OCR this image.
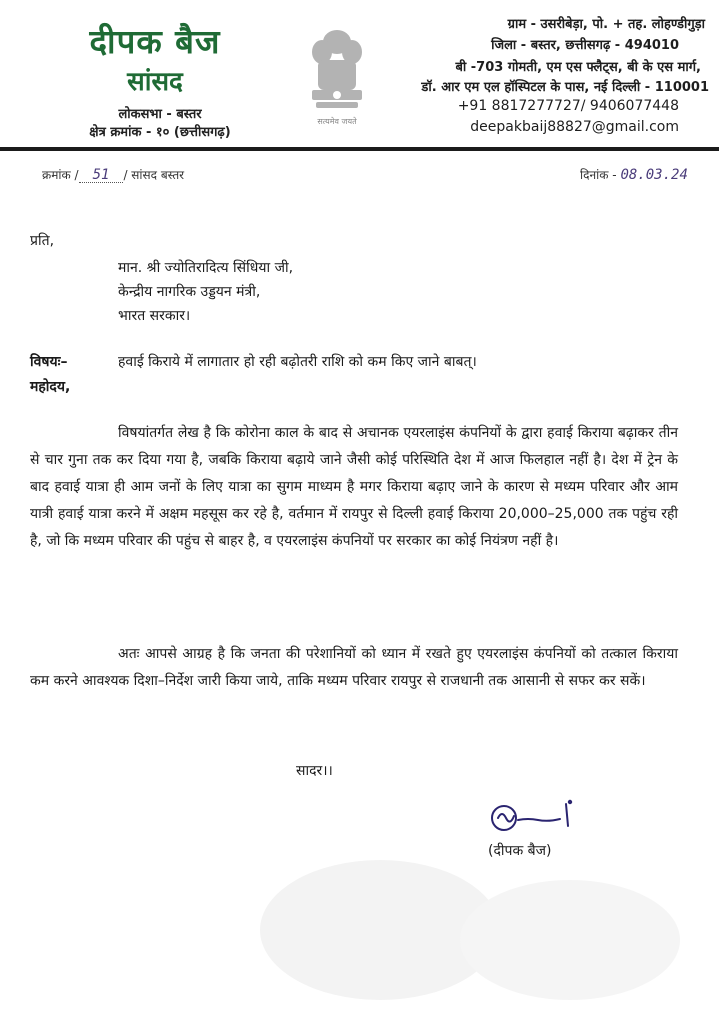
दीपक बैज
सांसद
लोकसभा - बस्तर
क्षेत्र क्रमांक - १० (छत्तीसगढ़)
सत्यमेव जयते
ग्राम - उसरीबेड़ा, पो. + तह. लोहण्डीगुड़ा
जिला - बस्तर, छत्तीसगढ़ - 494010
बी -703 गोमती, एम एस फ्लैट्स, बी के एस मार्ग,
डॉ. आर एम एल हॉस्पिटल के पास, नई दिल्ली - 110001
+91 8817277727/ 9406077448
deepakbaij88827@gmail.com
क्रमांक / 51 / सांसद बस्तर	दिनांक - 08.03.24
प्रति,
मान. श्री ज्योतिरादित्य सिंधिया जी,
केन्द्रीय नागरिक उड्डयन मंत्री,
भारत सरकार।
विषयः–	हवाई किराये में लागातार हो रही बढ़ोतरी राशि को कम किए जाने बाबत्।
महोदय,
विषयांतर्गत लेख है कि कोरोना काल के बाद से अचानक एयरलाइंस कंपनियों के द्वारा हवाई किराया बढ़ाकर तीन से चार गुना तक कर दिया गया है, जबकि किराया बढ़ाये जाने जैसी कोई परिस्थिति देश में आज फिलहाल नहीं है। देश में ट्रेन के बाद हवाई यात्रा ही आम जनों के लिए यात्रा का सुगम माध्यम है मगर किराया बढ़ाए जाने के कारण से मध्यम परिवार और आम यात्री हवाई यात्रा करने में अक्षम महसूस कर रहे है, वर्तमान में रायपुर से दिल्ली हवाई किराया 20,000–25,000 तक पहुंच रही है, जो कि मध्यम परिवार की पहुंच से बाहर है, व एयरलाइंस कंपनियों पर सरकार का कोई नियंत्रण नहीं है।
अतः आपसे आग्रह है कि जनता की परेशानियों को ध्यान में रखते हुए एयरलाइंस कंपनियों को तत्काल किराया कम करने आवश्यक दिशा–निर्देश जारी किया जाये, ताकि मध्यम परिवार रायपुर से राजधानी तक आसानी से सफर कर सकें।
सादर।।
(दीपक बैज)
